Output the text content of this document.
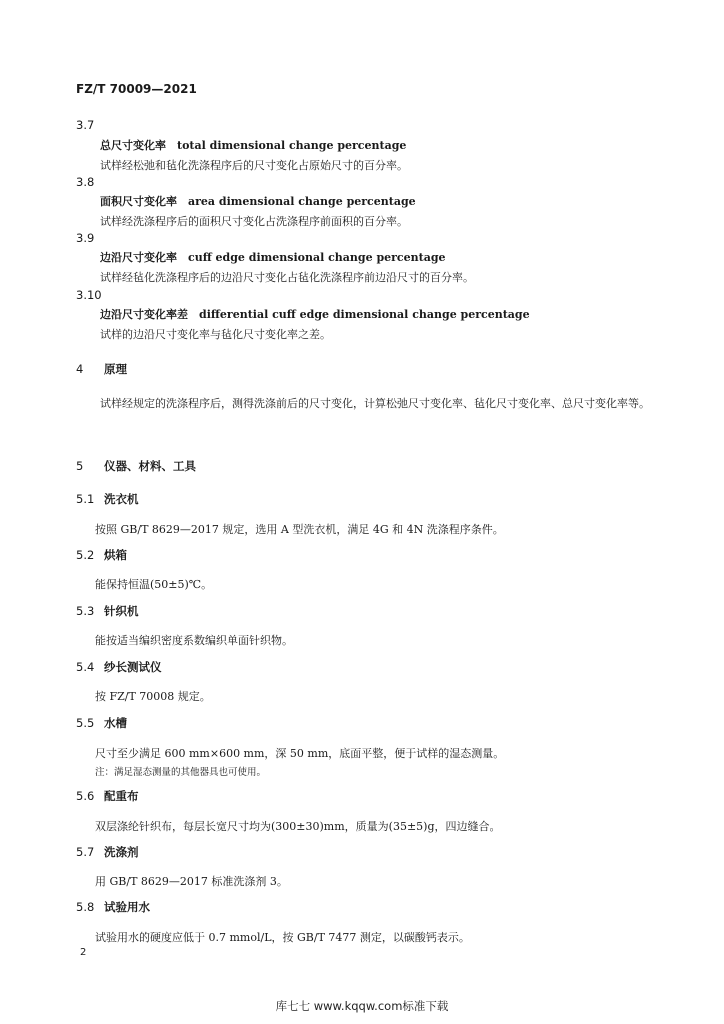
FZ/T 70009—2021
3.7
总尺寸变化率　total dimensional change percentage
试样经松弛和毡化洗涤程序后的尺寸变化占原始尺寸的百分率。
3.8
面积尺寸变化率　area dimensional change percentage
试样经洗涤程序后的面积尺寸变化占洗涤程序前面积的百分率。
3.9
边沿尺寸变化率　cuff edge dimensional change percentage
试样经毡化洗涤程序后的边沿尺寸变化占毡化洗涤程序前边沿尺寸的百分率。
3.10
边沿尺寸变化率差　differential cuff edge dimensional change percentage
试样的边沿尺寸变化率与毡化尺寸变化率之差。
4 原理
试样经规定的洗涤程序后，测得洗涤前后的尺寸变化，计算松弛尺寸变化率、毡化尺寸变化率、总尺寸变化率等。
5 仪器、材料、工具
5.1 洗衣机
按照 GB/T 8629—2017 规定，选用 A 型洗衣机，满足 4G 和 4N 洗涤程序条件。
5.2 烘箱
能保持恒温(50±5)℃。
5.3 针织机
能按适当编织密度系数编织单面针织物。
5.4 纱长测试仪
按 FZ/T 70008 规定。
5.5 水槽
尺寸至少满足 600 mm×600 mm，深 50 mm，底面平整，便于试样的湿态测量。
注：满足湿态测量的其他器具也可使用。
5.6 配重布
双层涤纶针织布，每层长宽尺寸均为(300±30)mm，质量为(35±5)g，四边缝合。
5.7 洗涤剂
用 GB/T 8629—2017 标准洗涤剂 3。
5.8 试验用水
试验用水的硬度应低于 0.7 mmol/L，按 GB/T 7477 测定，以碳酸钙表示。
2
库七七 www.kqqw.com标准下载
